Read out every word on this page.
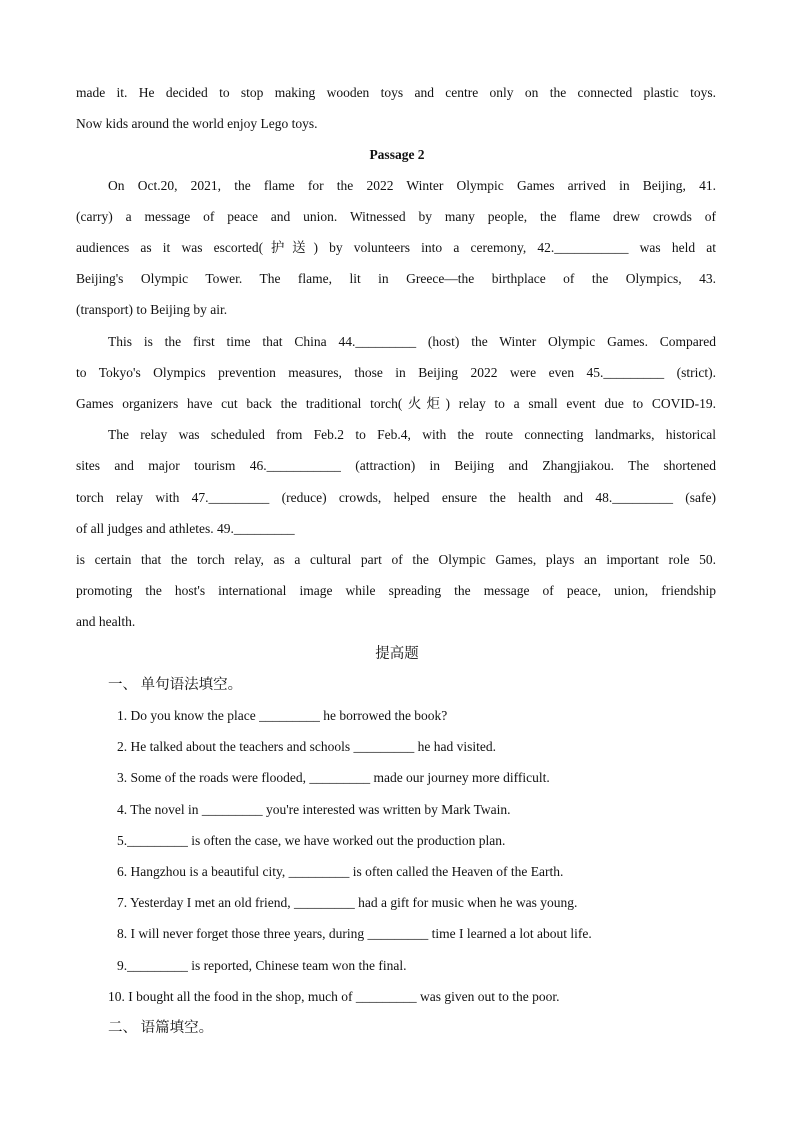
made it. He decided to stop making wooden toys and centre only on the connected plastic toys.
Now kids around the world enjoy Lego toys.
Passage 2
On Oct.20, 2021, the flame for the 2022 Winter Olympic Games arrived in Beijing, 41.
(carry) a message of peace and union. Witnessed by many people, the flame drew crowds of
audiences as it was escorted(护送) by volunteers into a ceremony, 42.___________ was held at
Beijing's Olympic Tower. The flame, lit in Greece—the birthplace of the Olympics, 43.
(transport) to Beijing by air.
This is the first time that China 44._________ (host) the Winter Olympic Games. Compared
to Tokyo's Olympics prevention measures, those in Beijing 2022 were even 45._________ (strict).
Games organizers have cut back the traditional torch(火炬) relay to a small event due to COVID-19.
The relay was scheduled from Feb.2 to Feb.4, with the route connecting landmarks, historical
sites and major tourism 46.___________ (attraction) in Beijing and Zhangjiakou. The shortened
torch relay with 47._________ (reduce) crowds, helped ensure the health and 48._________ (safe)
of all judges and athletes. 49._________
is certain that the torch relay, as a cultural part of the Olympic Games, plays an important role 50.
promoting the host's international image while spreading the message of peace, union, friendship
and health.
提高题
一、 单句语法填空。
1. Do you know the place _________ he borrowed the book?
2. He talked about the teachers and schools _________ he had visited.
3. Some of the roads were flooded, _________ made our journey more difficult.
4. The novel in _________ you're interested was written by Mark Twain.
5._________ is often the case, we have worked out the production plan.
6. Hangzhou is a beautiful city, _________ is often called the Heaven of the Earth.
7. Yesterday I met an old friend, _________ had a gift for music when he was young.
8. I will never forget those three years, during _________ time I learned a lot about life.
9._________ is reported, Chinese team won the final.
10. I bought all the food in the shop, much of _________ was given out to the poor.
二、 语篇填空。
